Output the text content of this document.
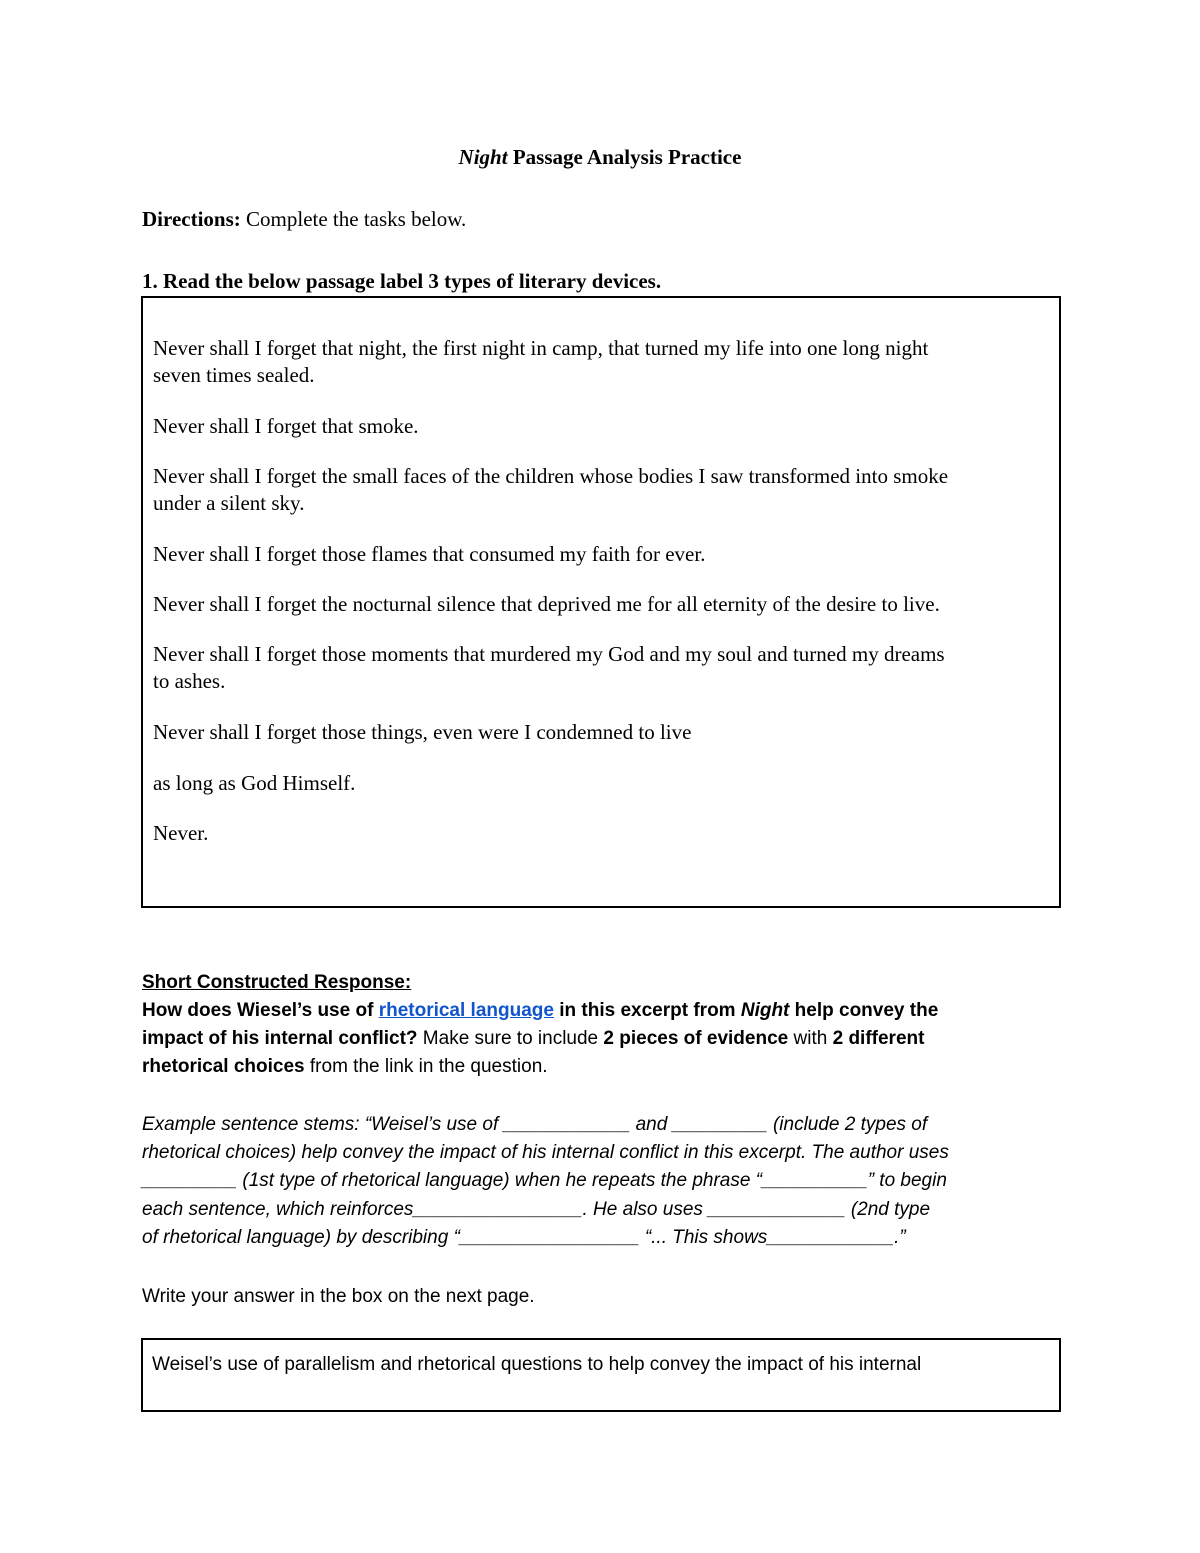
Night Passage Analysis Practice
Directions: Complete the tasks below.
1. Read the below passage label 3 types of literary devices.
Never shall I forget that night, the first night in camp, that turned my life into one long night
seven times sealed.
Never shall I forget that smoke.
Never shall I forget the small faces of the children whose bodies I saw transformed into smoke
under a silent sky.
Never shall I forget those flames that consumed my faith for ever.
Never shall I forget the nocturnal silence that deprived me for all eternity of the desire to live.
Never shall I forget those moments that murdered my God and my soul and turned my dreams
to ashes.
Never shall I forget those things, even were I condemned to live
as long as God Himself.
Never.
Short Constructed Response:
How does Wiesel’s use of rhetorical language in this excerpt from Night help convey the
impact of his internal conflict? Make sure to include 2 pieces of evidence with 2 different
rhetorical choices from the link in the question.
Example sentence stems: “Weisel’s use of ____________ and _________ (include 2 types of
rhetorical choices) help convey the impact of his internal conflict in this excerpt. The author uses
_________ (1st type of rhetorical language) when he repeats the phrase “__________” to begin
each sentence, which reinforces________________. He also uses _____________ (2nd type
of rhetorical language) by describing “_________________ “... This shows____________.”
Write your answer in the box on the next page.
Weisel’s use of parallelism and rhetorical questions to help convey the impact of his internal
